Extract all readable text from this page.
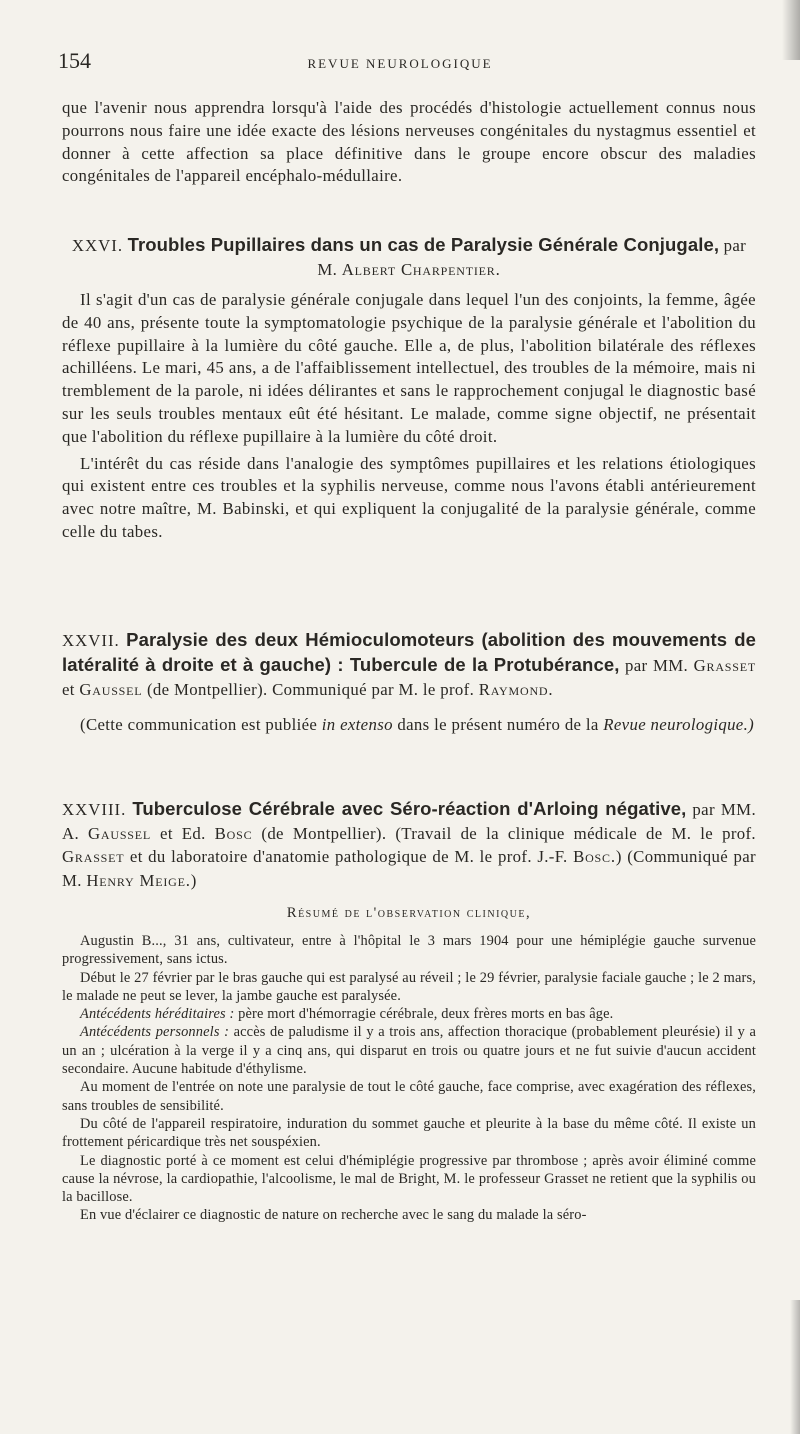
154	REVUE NEUROLOGIQUE

que l'avenir nous apprendra lorsqu'à l'aide des procédés d'histologie actuellement connus nous pourrons nous faire une idée exacte des lésions nerveuses congénitales du nystagmus essentiel et donner à cette affection sa place définitive dans le groupe encore obscur des maladies congénitales de l'appareil encéphalo-médullaire.

XXVI. Troubles Pupillaires dans un cas de Paralysie Générale Conjugale, par M. Albert Charpentier.

Il s'agit d'un cas de paralysie générale conjugale dans lequel l'un des conjoints, la femme, âgée de 40 ans, présente toute la symptomatologie psychique de la paralysie générale et l'abolition du réflexe pupillaire à la lumière du côté gauche. Elle a, de plus, l'abolition bilatérale des réflexes achilléens. Le mari, 45 ans, a de l'affaiblissement intellectuel, des troubles de la mémoire, mais ni tremblement de la parole, ni idées délirantes et sans le rapprochement conjugal le diagnostic basé sur les seuls troubles mentaux eût été hésitant. Le malade, comme signe objectif, ne présentait que l'abolition du réflexe pupillaire à la lumière du côté droit.

L'intérêt du cas réside dans l'analogie des symptômes pupillaires et les relations étiologiques qui existent entre ces troubles et la syphilis nerveuse, comme nous l'avons établi antérieurement avec notre maître, M. Babinski, et qui expliquent la conjugalité de la paralysie générale, comme celle du tabes.

XXVII. Paralysie des deux Hémioculomoteurs (abolition des mouvements de latéralité à droite et à gauche) : Tubercule de la Protubérance, par MM. Grasset et Gaussel (de Montpellier). Communiqué par M. le prof. Raymond.

(Cette communication est publiée in extenso dans le présent numéro de la Revue neurologique.)

XXVIII. Tuberculose Cérébrale avec Séro-réaction d'Arloing négative, par MM. A. Gaussel et Ed. Bosc (de Montpellier). (Travail de la clinique médicale de M. le prof. Grasset et du laboratoire d'anatomie pathologique de M. le prof. J.-F. Bosc.) (Communiqué par M. Henry Meige.)

Résumé de l'observation clinique,

Augustin B..., 31 ans, cultivateur, entre à l'hôpital le 3 mars 1904 pour une hémiplégie gauche survenue progressivement, sans ictus.

Début le 27 février par le bras gauche qui est paralysé au réveil ; le 29 février, paralysie faciale gauche ; le 2 mars, le malade ne peut se lever, la jambe gauche est paralysée.

Antécédents héréditaires : père mort d'hémorragie cérébrale, deux frères morts en bas âge.

Antécédents personnels : accès de paludisme il y a trois ans, affection thoracique (probablement pleurésie) il y a un an ; ulcération à la verge il y a cinq ans, qui disparut en trois ou quatre jours et ne fut suivie d'aucun accident secondaire. Aucune habitude d'éthylisme.

Au moment de l'entrée on note une paralysie de tout le côté gauche, face comprise, avec exagération des réflexes, sans troubles de sensibilité.

Du côté de l'appareil respiratoire, induration du sommet gauche et pleurite à la base du même côté. Il existe un frottement péricardique très net souspéxien.

Le diagnostic porté à ce moment est celui d'hémiplégie progressive par thrombose ; après avoir éliminé comme cause la névrose, la cardiopathie, l'alcoolisme, le mal de Bright, M. le professeur Grasset ne retient que la syphilis ou la bacillose.

En vue d'éclairer ce diagnostic de nature on recherche avec le sang du malade la séro-
